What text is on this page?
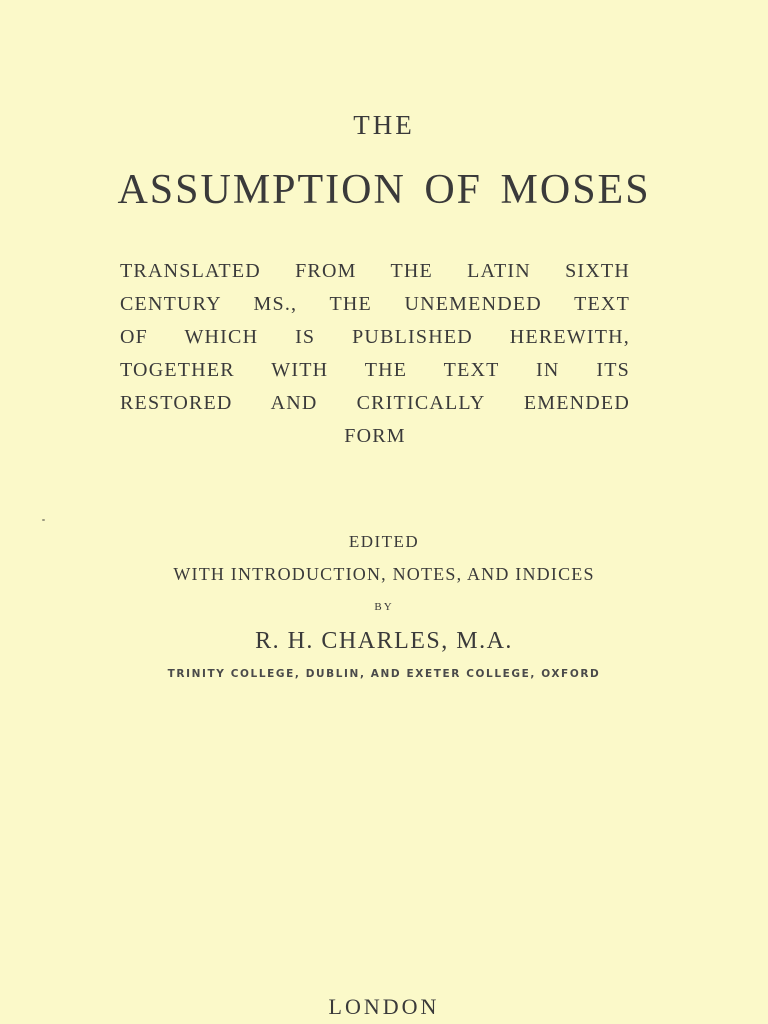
THE
ASSUMPTION OF MOSES
TRANSLATED FROM THE LATIN SIXTH
CENTURY MS., THE UNEMENDED TEXT
OF WHICH IS PUBLISHED HEREWITH,
TOGETHER WITH THE TEXT IN ITS
RESTORED AND CRITICALLY EMENDED
FORM
EDITED
WITH INTRODUCTION, NOTES, AND INDICES
BY
R. H. CHARLES, M.A.
TRINITY COLLEGE, DUBLIN, AND EXETER COLLEGE, OXFORD
LONDON
